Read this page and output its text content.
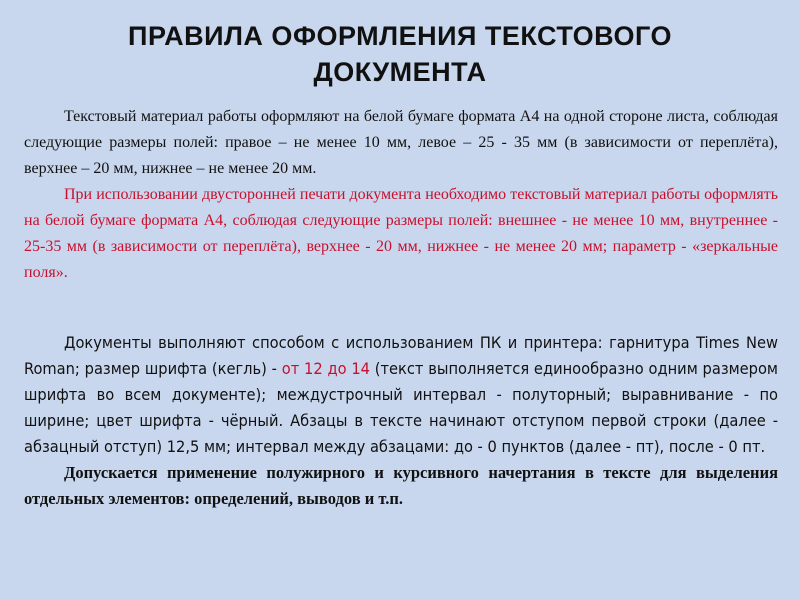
ПРАВИЛА ОФОРМЛЕНИЯ ТЕКСТОВОГО ДОКУМЕНТА

Текстовый материал работы оформляют на белой бумаге формата А4 на одной стороне листа, соблюдая следующие размеры полей: правое – не менее 10 мм, левое – 25 - 35 мм (в зависимости от переплёта), верхнее – 20 мм, нижнее – не менее 20 мм.

При использовании двусторонней печати документа необходимо текстовый материал работы оформлять на белой бумаге формата А4, соблюдая следующие размеры полей: внешнее - не менее 10 мм, внутреннее - 25-35 мм (в зависимости от переплёта), верхнее - 20 мм, нижнее - не менее 20 мм; параметр - «зеркальные поля».

Документы выполняют способом с использованием ПК и принтера: гарнитура Times New Roman; размер шрифта (кегль) - от 12 до 14 (текст выполняется единообразно одним размером шрифта во всем документе); междустрочный интервал - полуторный; выравнивание - по ширине; цвет шрифта - чёрный. Абзацы в тексте начинают отступом первой строки (далее - абзацный отступ) 12,5 мм; интервал между абзацами: до - 0 пунктов (далее - пт), после - 0 пт.

Допускается применение полужирного и курсивного начертания в тексте для выделения отдельных элементов: определений, выводов и т.п.
